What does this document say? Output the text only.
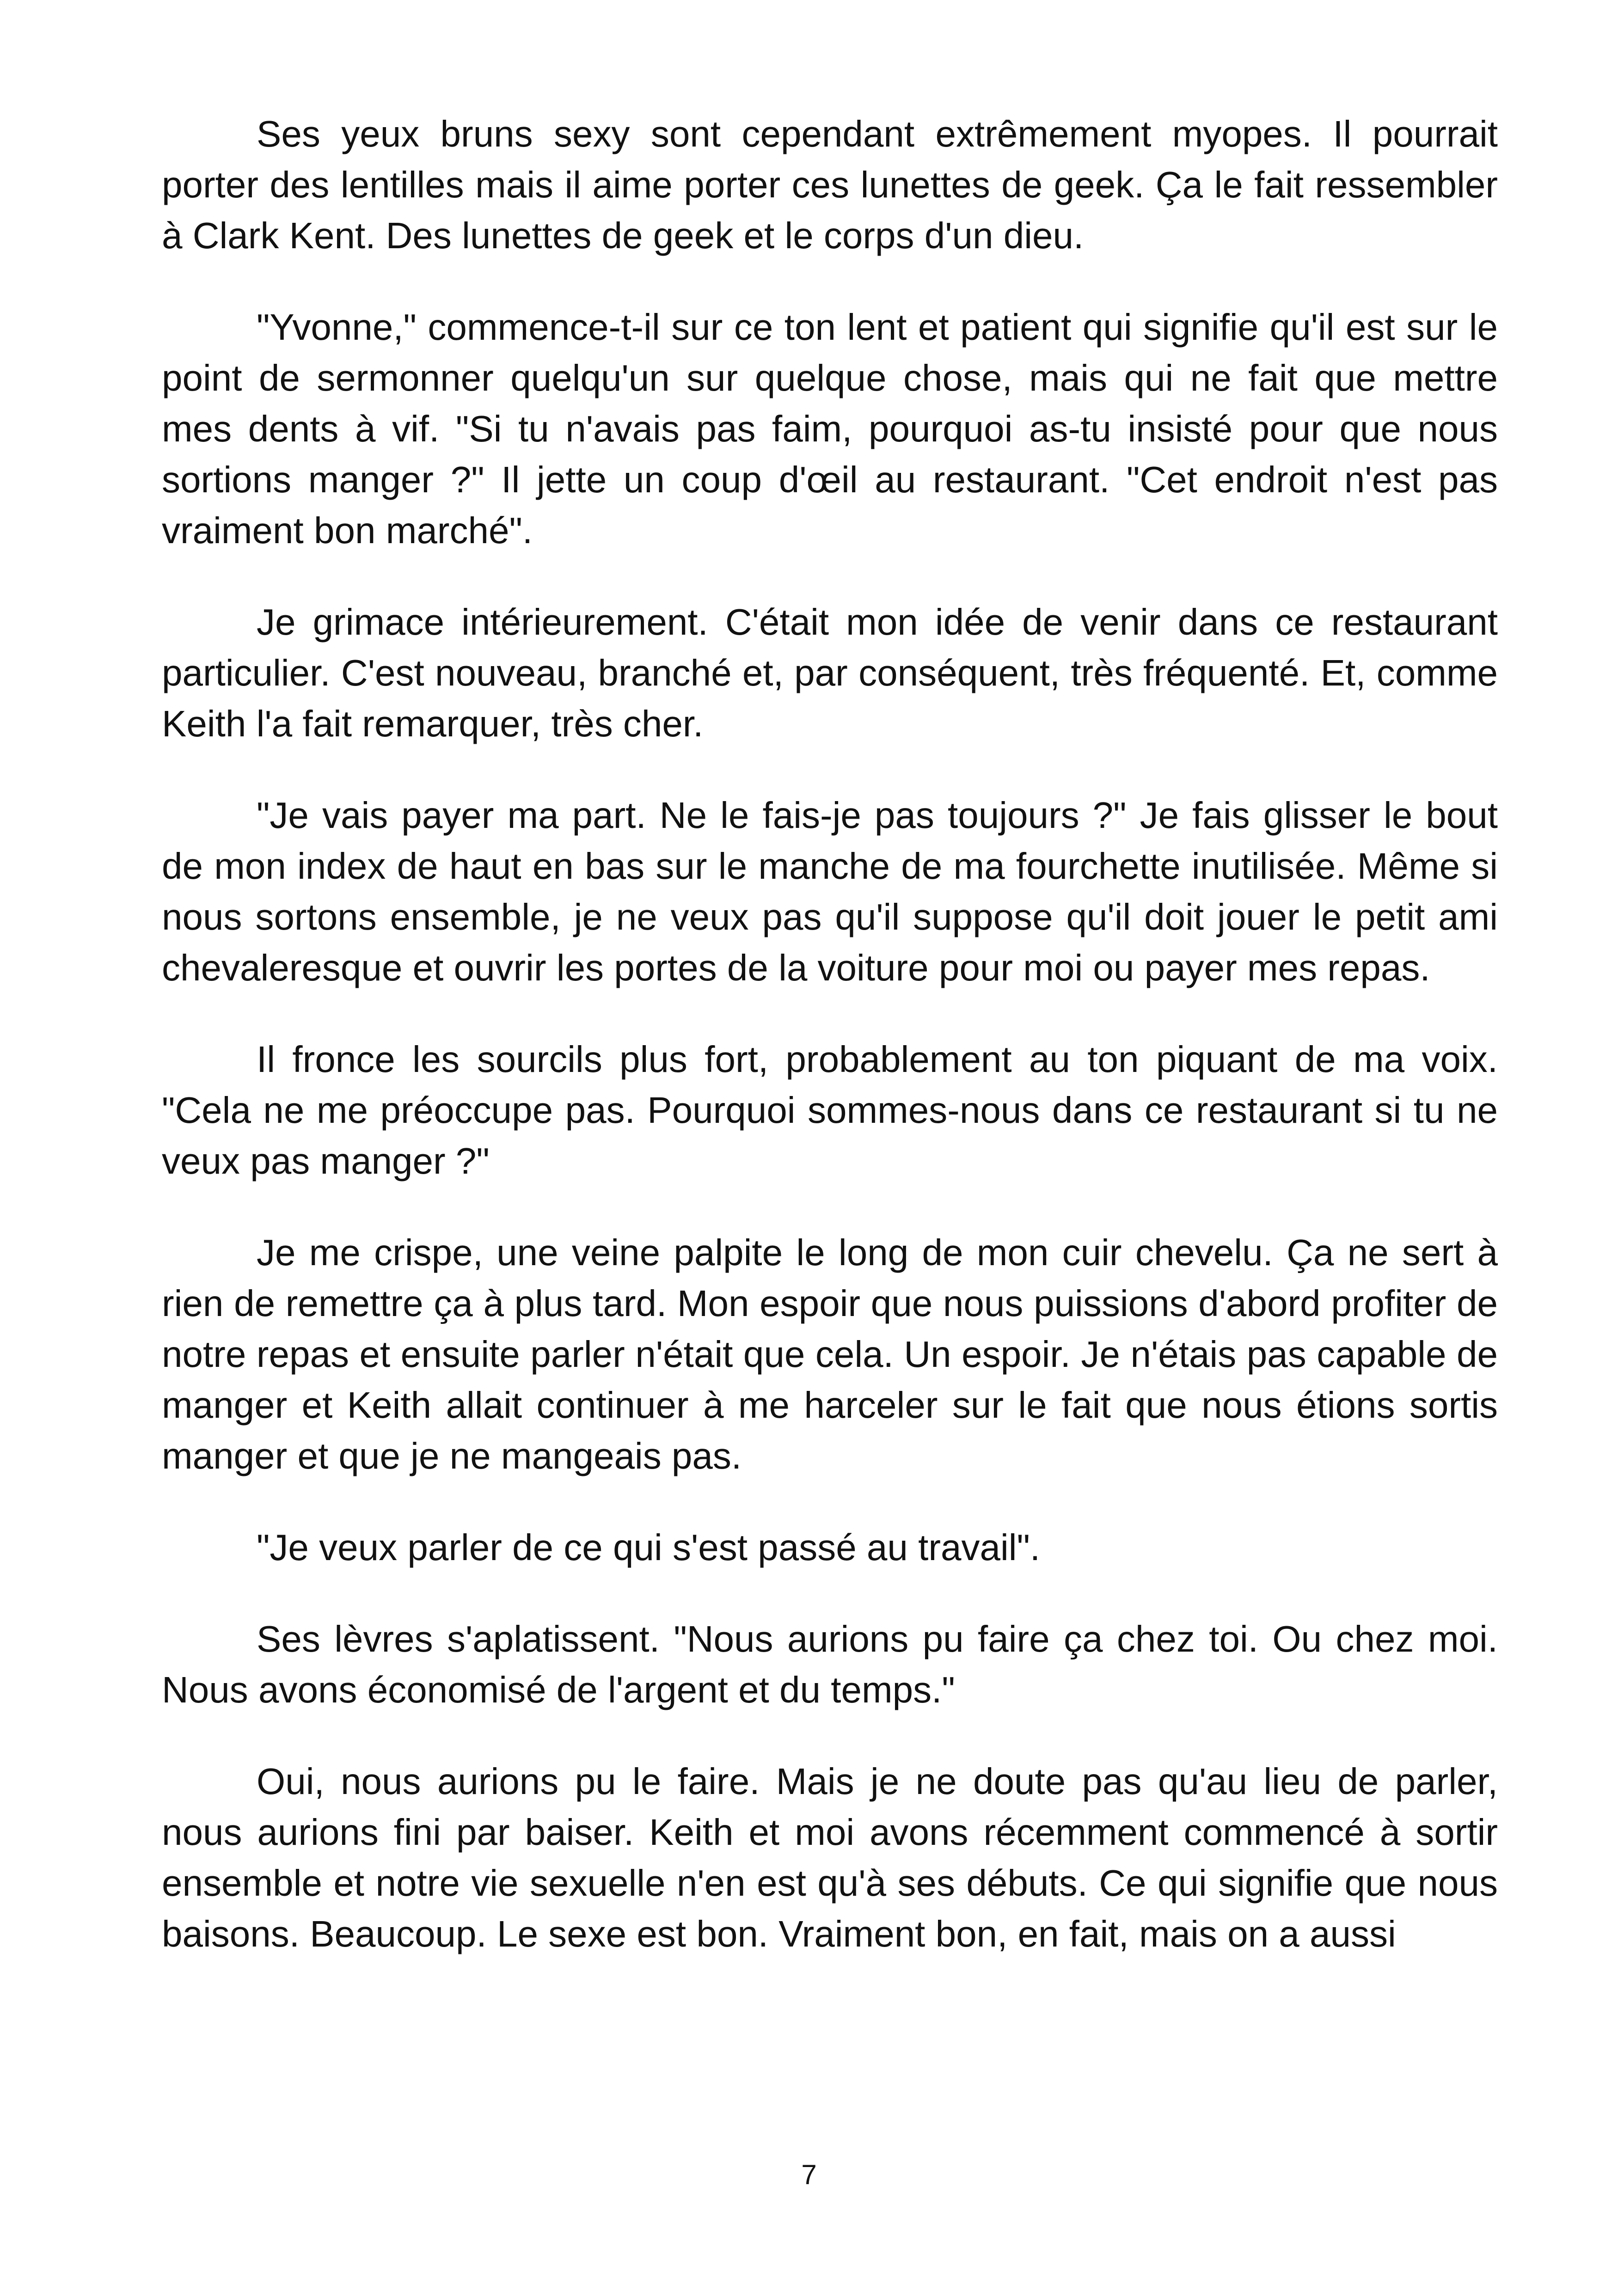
Ses yeux bruns sexy sont cependant extrêmement myopes. Il pourrait porter des lentilles mais il aime porter ces lunettes de geek. Ça le fait ressembler à Clark Kent. Des lunettes de geek et le corps d'un dieu.

"Yvonne," commence-t-il sur ce ton lent et patient qui signifie qu'il est sur le point de sermonner quelqu'un sur quelque chose, mais qui ne fait que mettre mes dents à vif. "Si tu n'avais pas faim, pourquoi as-tu insisté pour que nous sortions manger ?" Il jette un coup d'œil au restaurant. "Cet endroit n'est pas vraiment bon marché".

Je grimace intérieurement. C'était mon idée de venir dans ce restaurant particulier. C'est nouveau, branché et, par conséquent, très fréquenté. Et, comme Keith l'a fait remarquer, très cher.

"Je vais payer ma part. Ne le fais-je pas toujours ?" Je fais glisser le bout de mon index de haut en bas sur le manche de ma fourchette inutilisée. Même si nous sortons ensemble, je ne veux pas qu'il suppose qu'il doit jouer le petit ami chevaleresque et ouvrir les portes de la voiture pour moi ou payer mes repas.

Il fronce les sourcils plus fort, probablement au ton piquant de ma voix. "Cela ne me préoccupe pas. Pourquoi sommes-nous dans ce restaurant si tu ne veux pas manger ?"

Je me crispe, une veine palpite le long de mon cuir chevelu. Ça ne sert à rien de remettre ça à plus tard. Mon espoir que nous puissions d'abord profiter de notre repas et ensuite parler n'était que cela. Un espoir. Je n'étais pas capable de manger et Keith allait continuer à me harceler sur le fait que nous étions sortis manger et que je ne mangeais pas.

"Je veux parler de ce qui s'est passé au travail".

Ses lèvres s'aplatissent. "Nous aurions pu faire ça chez toi. Ou chez moi. Nous avons économisé de l'argent et du temps."

Oui, nous aurions pu le faire. Mais je ne doute pas qu'au lieu de parler, nous aurions fini par baiser. Keith et moi avons récemment commencé à sortir ensemble et notre vie sexuelle n'en est qu'à ses débuts. Ce qui signifie que nous baisons. Beaucoup. Le sexe est bon. Vraiment bon, en fait, mais on a aussi

7
